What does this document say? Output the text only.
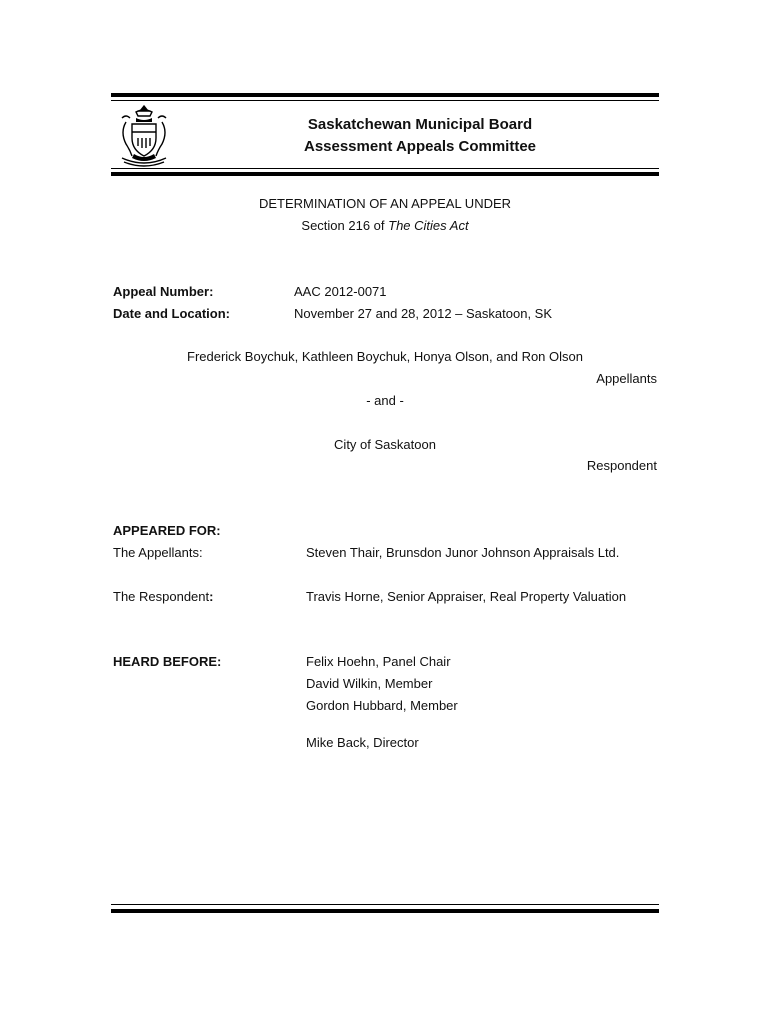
Saskatchewan Municipal Board
Assessment Appeals Committee
DETERMINATION OF AN APPEAL UNDER
Section 216 of The Cities Act
Appeal Number:	AAC 2012-0071
Date and Location:	November 27 and 28, 2012 – Saskatoon, SK
Frederick Boychuk, Kathleen Boychuk, Honya Olson, and Ron Olson
Appellants
- and -
City of Saskatoon
Respondent
APPEARED FOR:
The Appellants:	Steven Thair, Brunsdon Junor Johnson Appraisals Ltd.
The Respondent:	Travis Horne, Senior Appraiser, Real Property Valuation
HEARD BEFORE:	Felix Hoehn, Panel Chair
David Wilkin, Member
Gordon Hubbard, Member
Mike Back, Director
